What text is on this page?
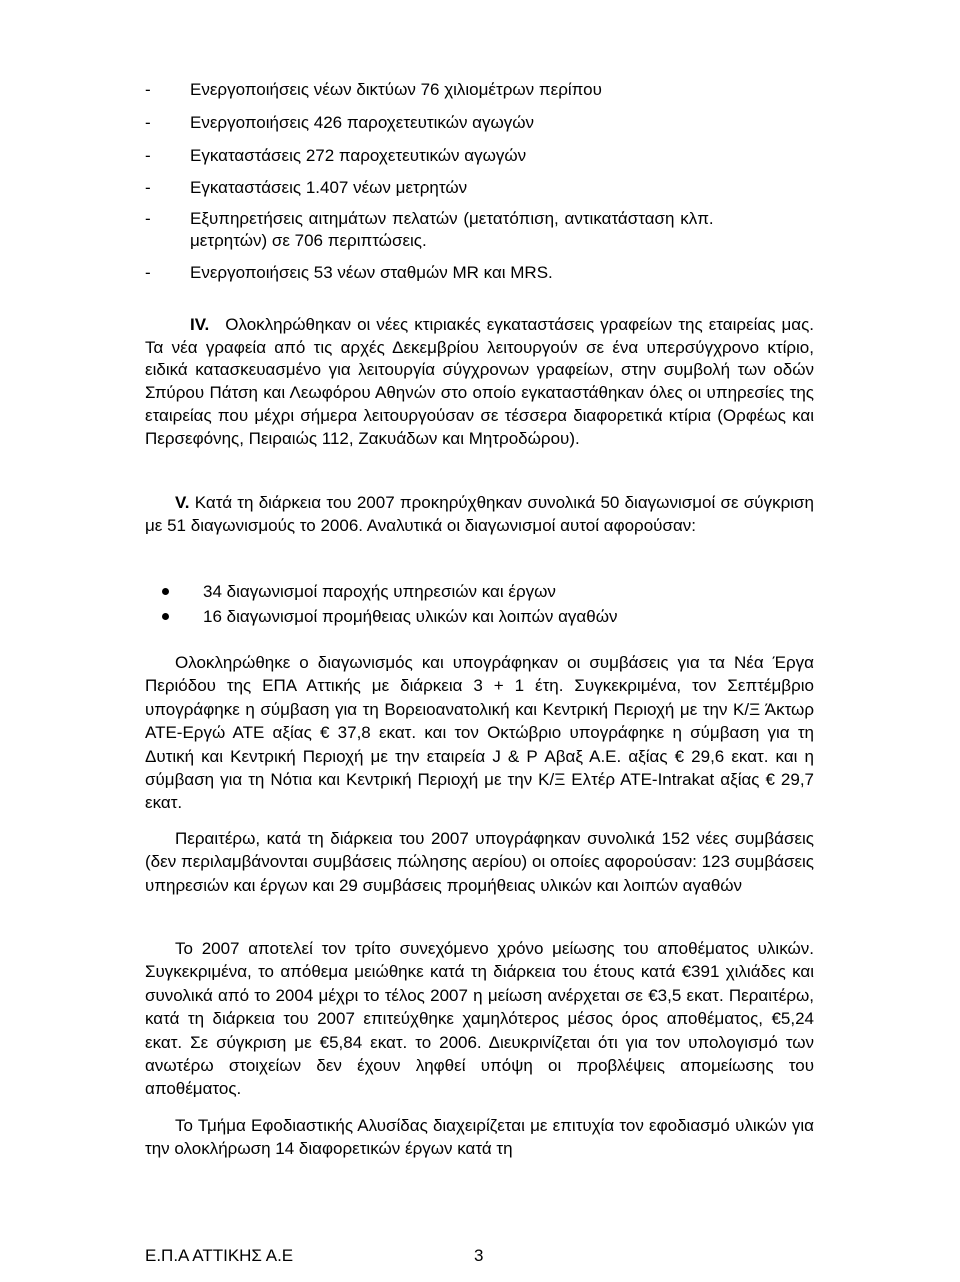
- Ενεργοποιήσεις νέων δικτύων 76 χιλιομέτρων περίπου
- Ενεργοποιήσεις 426 παροχετευτικών αγωγών
- Εγκαταστάσεις 272 παροχετευτικών αγωγών
- Εγκαταστάσεις 1.407 νέων μετρητών
- Εξυπηρετήσεις αιτημάτων πελατών (μετατόπιση, αντικατάσταση κλπ.
μετρητών) σε 706 περιπτώσεις.
- Ενεργοποιήσεις 53 νέων σταθμών MR και MRS.
IV. Ολοκληρώθηκαν οι νέες κτιριακές εγκαταστάσεις γραφείων της εταιρείας μας. Τα νέα γραφεία από τις αρχές Δεκεμβρίου λειτουργούν σε ένα υπερσύγχρονο κτίριο, ειδικά κατασκευασμένο για λειτουργία σύγχρονων γραφείων, στην συμβολή των οδών Σπύρου Πάτση και Λεωφόρου Αθηνών στο οποίο εγκαταστάθηκαν όλες οι υπηρεσίες της εταιρείας που μέχρι σήμερα λειτουργούσαν σε τέσσερα διαφορετικά κτίρια (Ορφέως και Περσεφόνης, Πειραιώς 112, Ζακυάδων και Μητροδώρου).
V. Κατά τη διάρκεια του 2007 προκηρύχθηκαν συνολικά 50 διαγωνισμοί σε σύγκριση με 51 διαγωνισμούς το 2006. Αναλυτικά οι διαγωνισμοί αυτοί αφορούσαν:
34 διαγωνισμοί παροχής υπηρεσιών και έργων
16 διαγωνισμοί προμήθειας υλικών και λοιπών αγαθών
Ολοκληρώθηκε ο διαγωνισμός και υπογράφηκαν οι συμβάσεις για τα Νέα Έργα Περιόδου της ΕΠΑ Αττικής με διάρκεια 3 + 1 έτη. Συγκεκριμένα, τον Σεπτέμβριο υπογράφηκε η σύμβαση για τη Βορειοανατολική και Κεντρική Περιοχή με την Κ/Ξ Άκτωρ ΑΤΕ-Εργώ ΑΤΕ αξίας € 37,8 εκατ. και τον Οκτώβριο υπογράφηκε η σύμβαση για τη Δυτική και Κεντρική Περιοχή με την εταιρεία J & P Αβαξ Α.Ε. αξίας € 29,6 εκατ. και η σύμβαση για τη Νότια και Κεντρική Περιοχή με την Κ/Ξ Ελτέρ ΑΤΕ-Intrakat αξίας € 29,7 εκατ.
Περαιτέρω, κατά τη διάρκεια του 2007 υπογράφηκαν συνολικά 152 νέες συμβάσεις (δεν περιλαμβάνονται συμβάσεις πώλησης αερίου) οι οποίες αφορούσαν: 123 συμβάσεις υπηρεσιών και έργων και 29 συμβάσεις προμήθειας υλικών και λοιπών αγαθών
Το 2007 αποτελεί τον τρίτο συνεχόμενο χρόνο μείωσης του αποθέματος υλικών. Συγκεκριμένα, το απόθεμα μειώθηκε κατά τη διάρκεια του έτους κατά €391 χιλιάδες και συνολικά από το 2004 μέχρι το τέλος 2007 η μείωση ανέρχεται σε €3,5 εκατ. Περαιτέρω, κατά τη διάρκεια του 2007 επιτεύχθηκε χαμηλότερος μέσος όρος αποθέματος, €5,24 εκατ. Σε σύγκριση με €5,84 εκατ. το 2006. Διευκρινίζεται ότι για τον υπολογισμό των ανωτέρω στοιχείων δεν έχουν ληφθεί υπόψη οι προβλέψεις απομείωσης του αποθέματος.
Το Τμήμα Εφοδιαστικής Αλυσίδας διαχειρίζεται με επιτυχία τον εφοδιασμό υλικών για την ολοκλήρωση 14 διαφορετικών έργων κατά τη
Ε.Π.Α ΑΤΤΙΚΗΣ Α.Ε	3
